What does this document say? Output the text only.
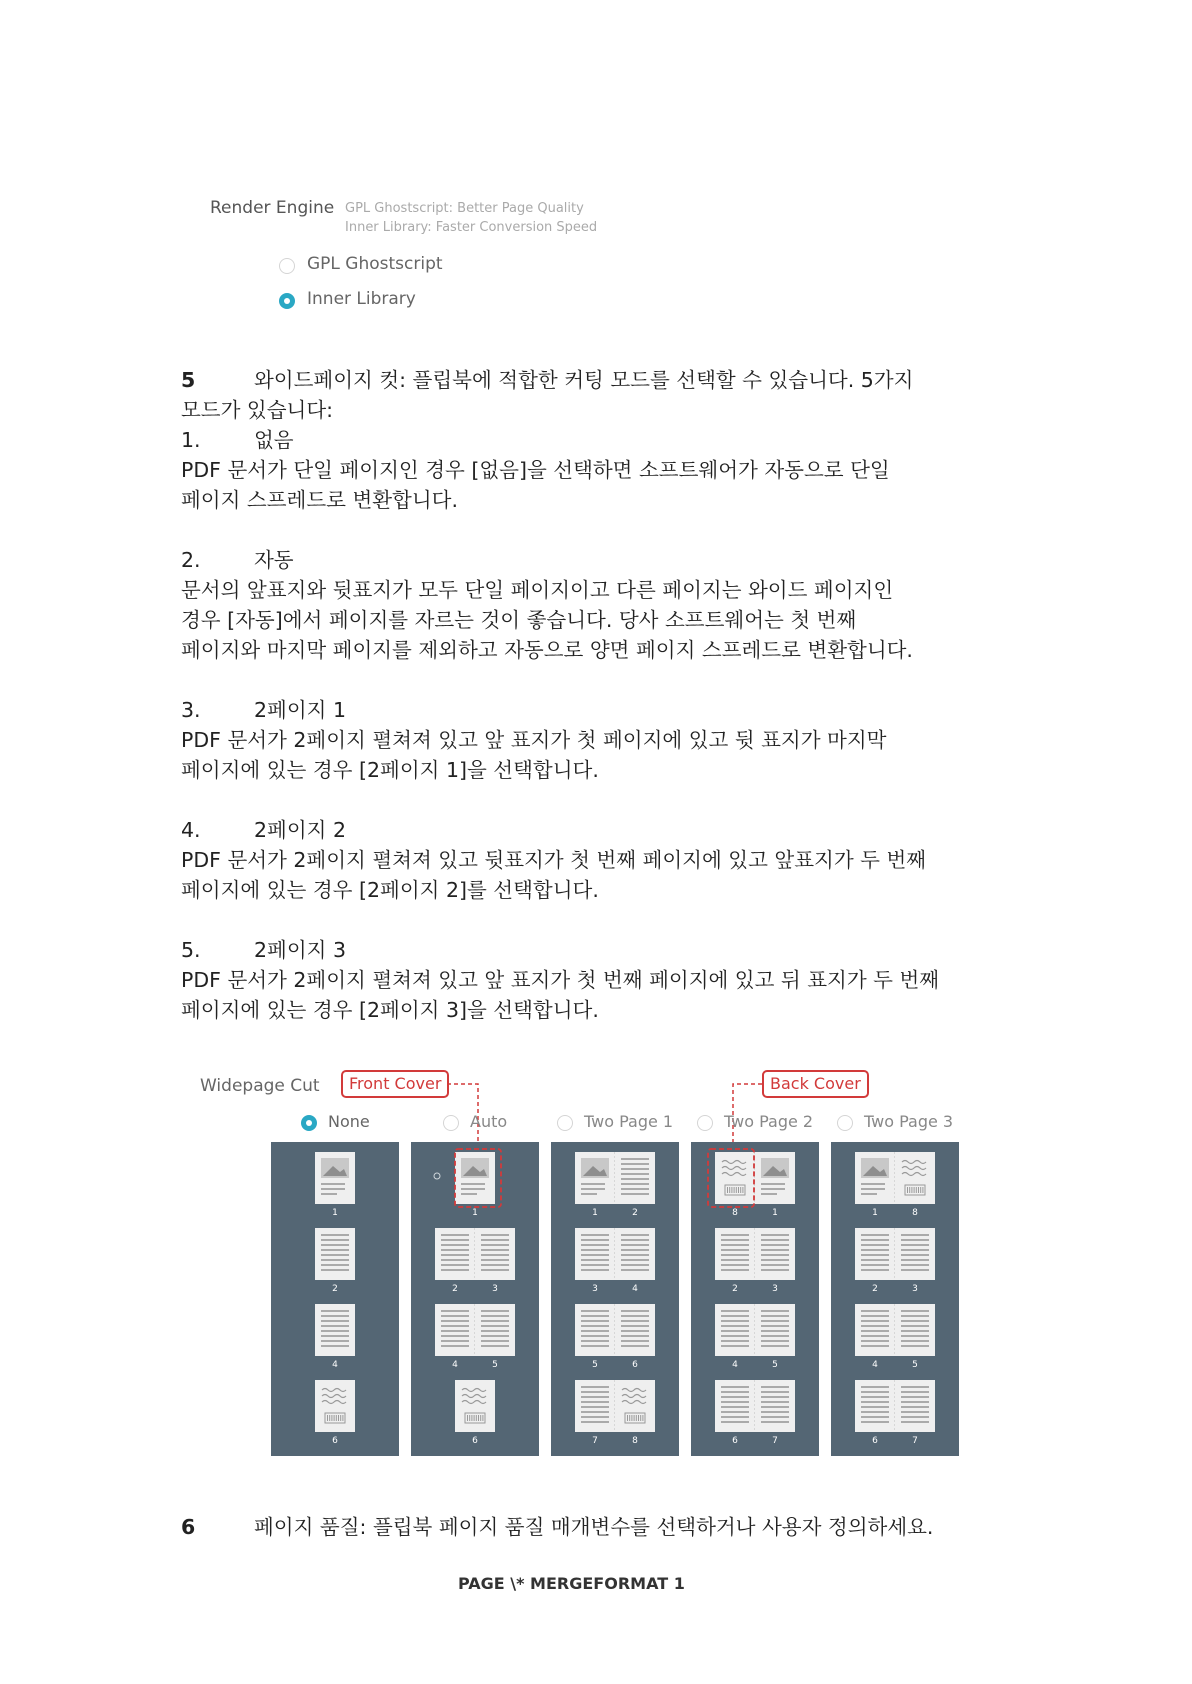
Render Engine GPL Ghostscript: Better Page Quality
Inner Library: Faster Conversion Speed
GPL Ghostscript
Inner Library
5	와이드페이지 컷: 플립북에 적합한 커팅 모드를 선택할 수 있습니다. 5가지
모드가 있습니다:
1.	없음
PDF 문서가 단일 페이지인 경우 [없음]을 선택하면 소프트웨어가 자동으로 단일
페이지 스프레드로 변환합니다.
2.	자동
문서의 앞표지와 뒷표지가 모두 단일 페이지이고 다른 페이지는 와이드 페이지인
경우 [자동]에서 페이지를 자르는 것이 좋습니다. 당사 소프트웨어는 첫 번째
페이지와 마지막 페이지를 제외하고 자동으로 양면 페이지 스프레드로 변환합니다.
3.	2페이지 1
PDF 문서가 2페이지 펼쳐져 있고 앞 표지가 첫 페이지에 있고 뒷 표지가 마지막
페이지에 있는 경우 [2페이지 1]을 선택합니다.
4.	2페이지 2
PDF 문서가 2페이지 펼쳐져 있고 뒷표지가 첫 번째 페이지에 있고 앞표지가 두 번째
페이지에 있는 경우 [2페이지 2]를 선택합니다.
5.	2페이지 3
PDF 문서가 2페이지 펼쳐져 있고 앞 표지가 첫 번째 페이지에 있고 뒤 표지가 두 번째
페이지에 있는 경우 [2페이지 3]을 선택합니다.
Widepage Cut	Front Cover	Back Cover
None	Auto	Two Page 1	Two Page 2	Two Page 3
1
2
4
6
1
2	3
4	5
6
1	2
3	4
5	6
7	8
8	1
2	3
4	5
6	7
1	8
2	3
4	5
6	7
6	페이지 품질: 플립북 페이지 품질 매개변수를 선택하거나 사용자 정의하세요.
PAGE \* MERGEFORMAT 1
